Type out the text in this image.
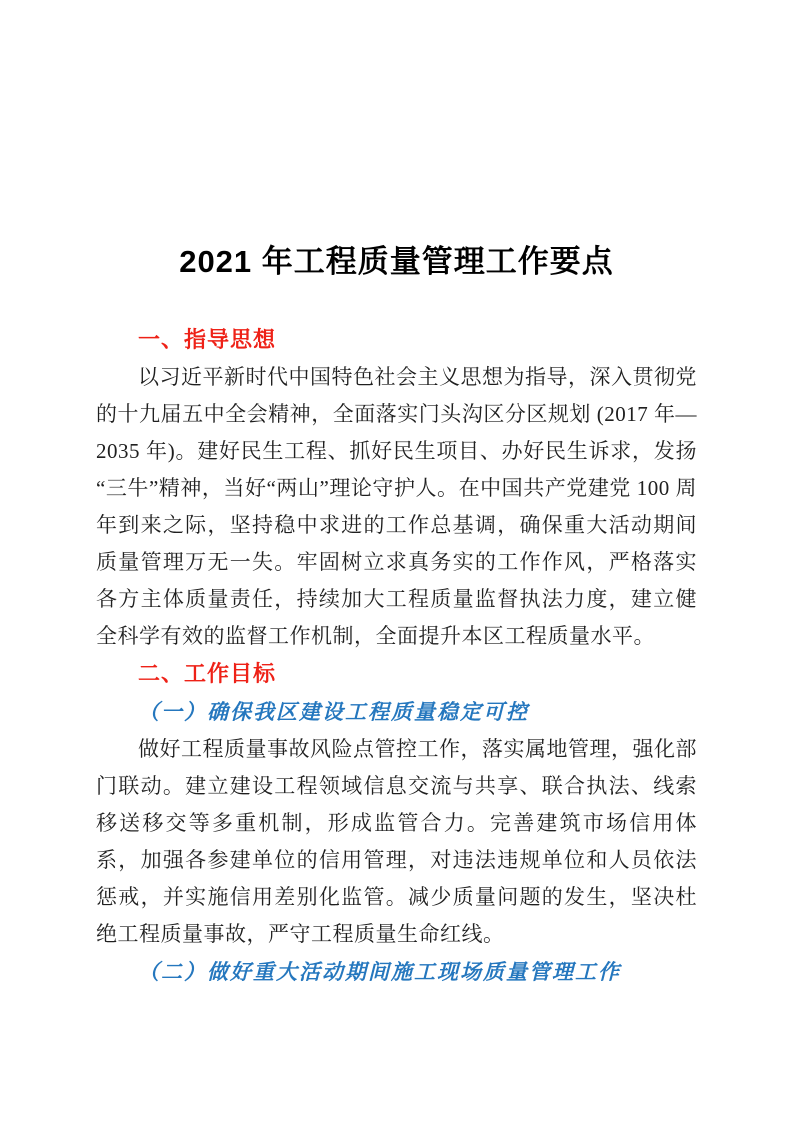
2021 年工程质量管理工作要点
一、指导思想

以习近平新时代中国特色社会主义思想为指导，深入贯彻党的十九届五中全会精神，全面落实门头沟区分区规划 (2017 年—2035 年)。建好民生工程、抓好民生项目、办好民生诉求，发扬“三牛”精神，当好“两山”理论守护人。在中国共产党建党 100 周年到来之际，坚持稳中求进的工作总基调，确保重大活动期间质量管理万无一失。牢固树立求真务实的工作作风，严格落实各方主体质量责任，持续加大工程质量监督执法力度，建立健全科学有效的监督工作机制，全面提升本区工程质量水平。

二、工作目标
（一）确保我区建设工程质量稳定可控

做好工程质量事故风险点管控工作，落实属地管理，强化部门联动。建立建设工程领域信息交流与共享、联合执法、线索移送移交等多重机制，形成监管合力。完善建筑市场信用体系，加强各参建单位的信用管理，对违法违规单位和人员依法惩戒，并实施信用差别化监管。减少质量问题的发生，坚决杜绝工程质量事故，严守工程质量生命红线。

（二）做好重大活动期间施工现场质量管理工作
